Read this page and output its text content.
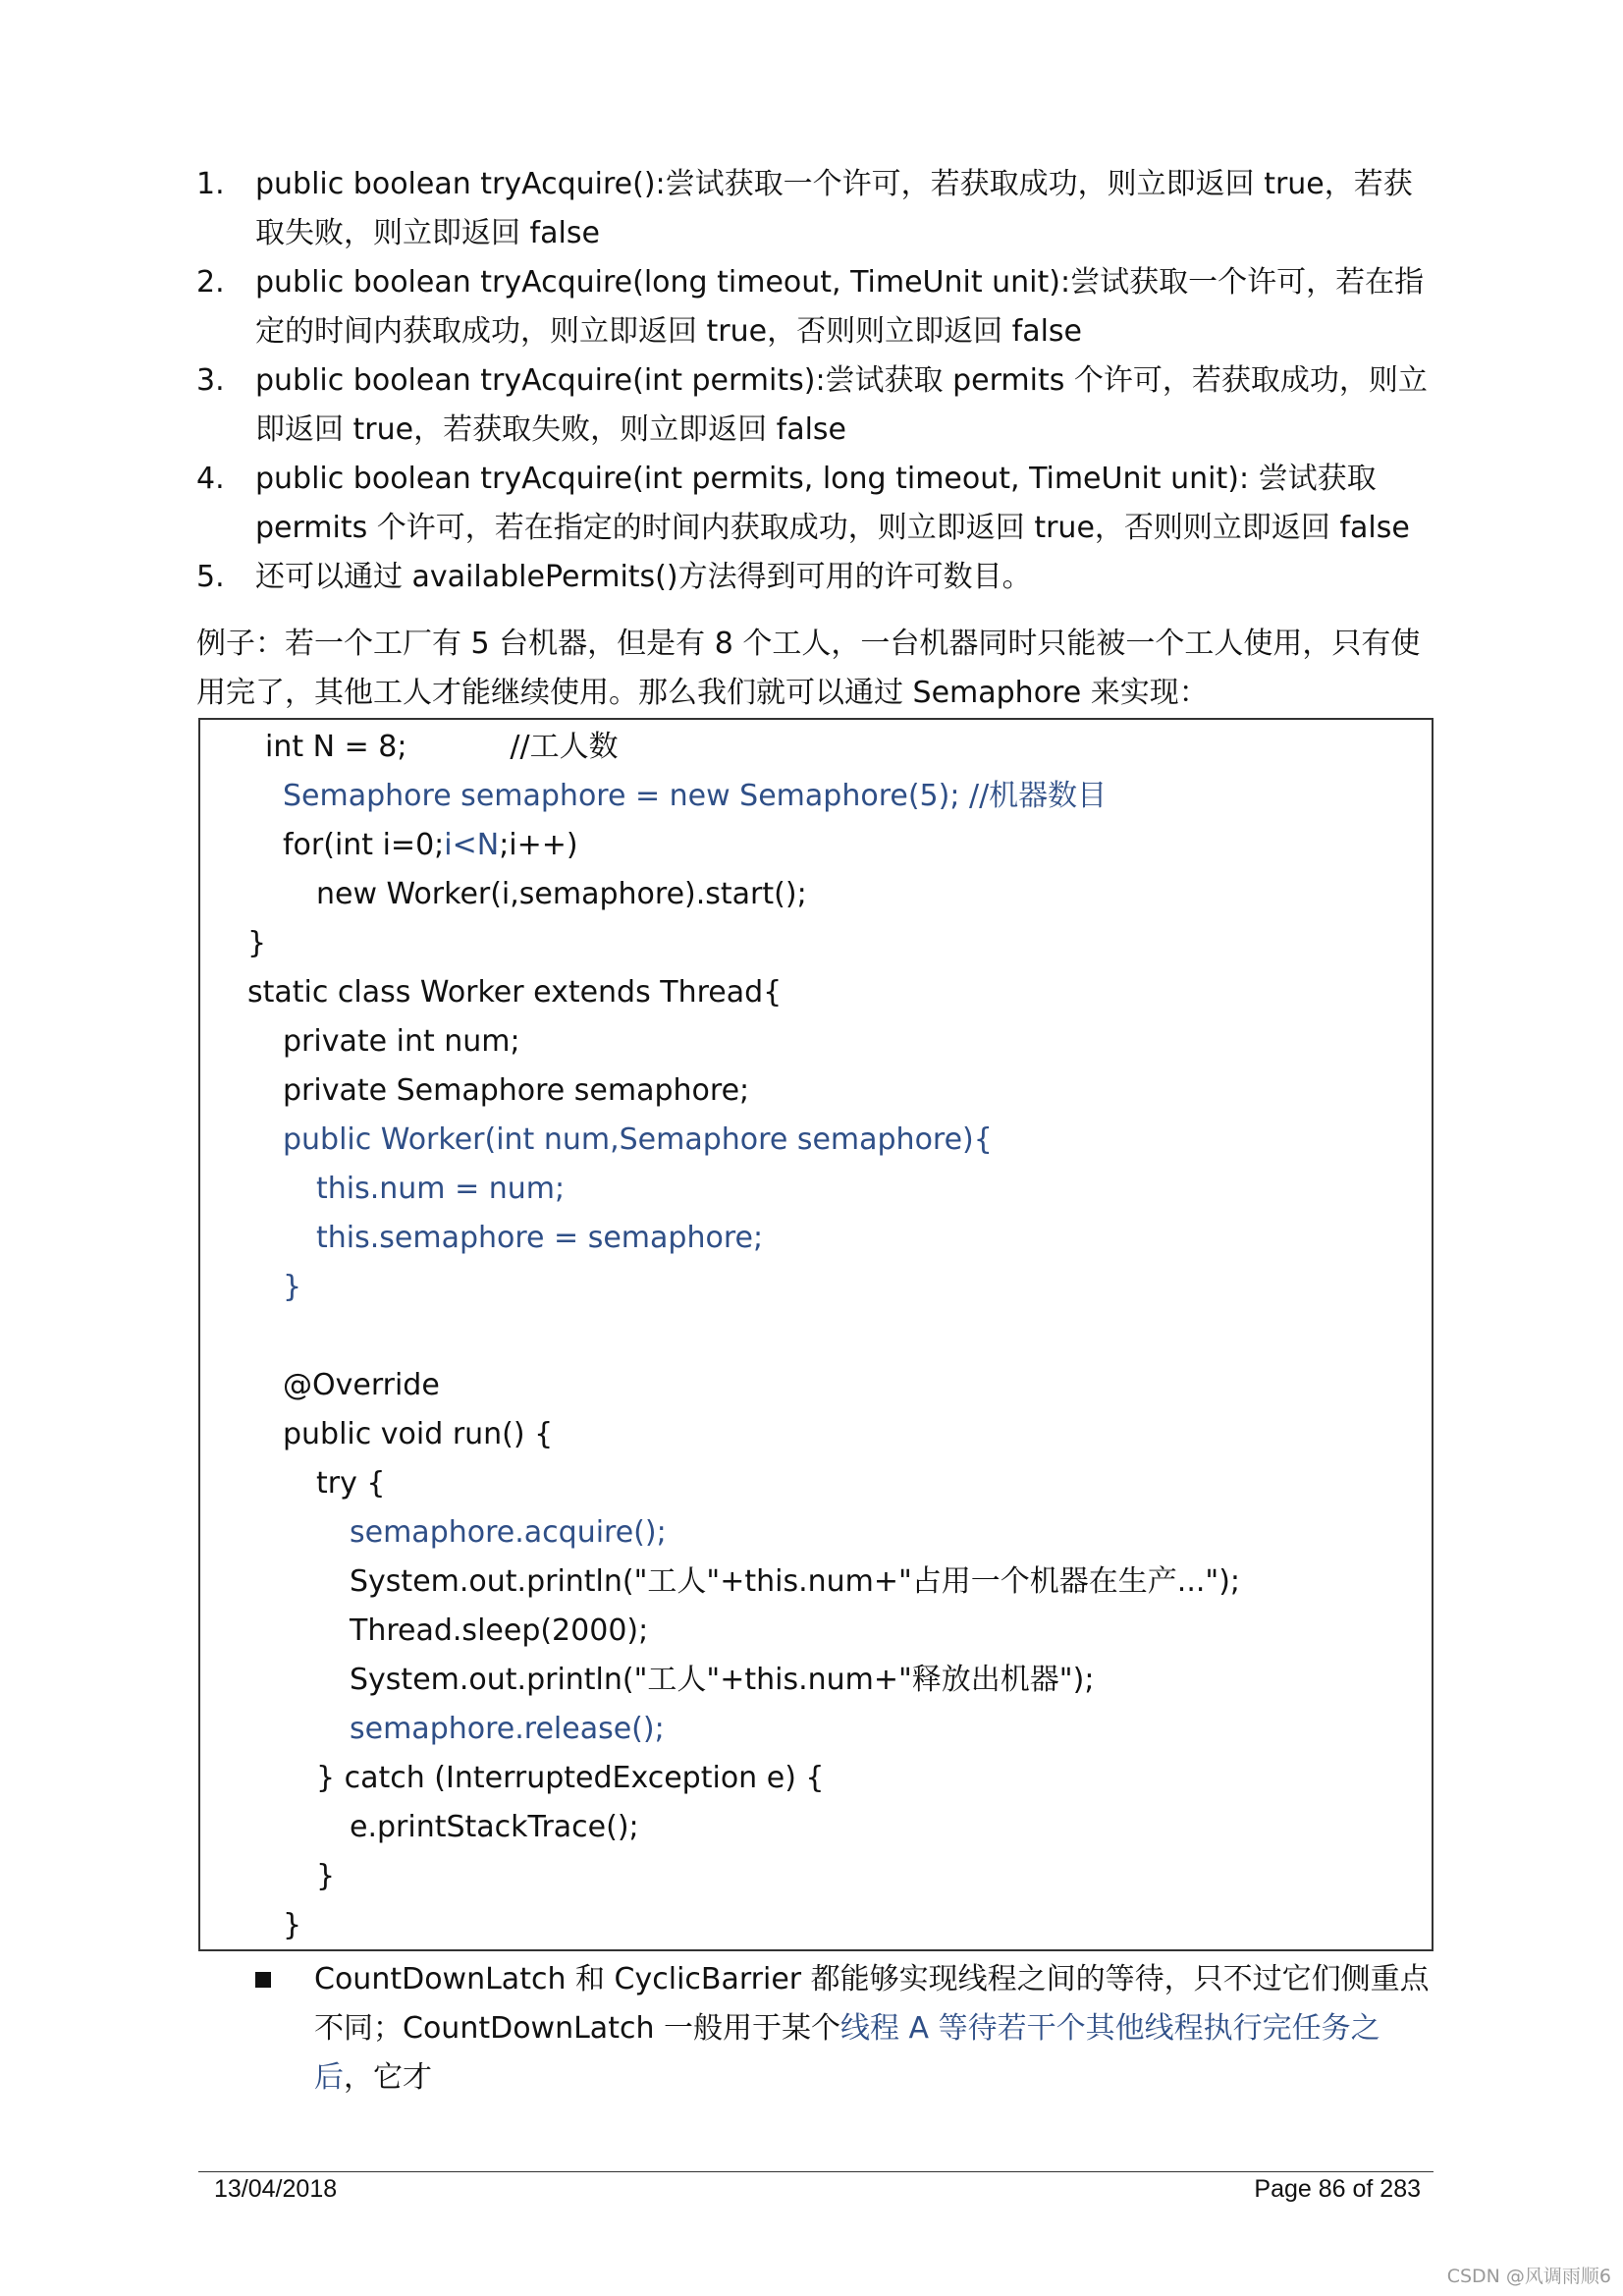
1. public boolean tryAcquire():尝试获取一个许可，若获取成功，则立即返回 true，若获取失败，则立即返回 false
2. public boolean tryAcquire(long timeout, TimeUnit unit):尝试获取一个许可，若在指定的时间内获取成功，则立即返回 true，否则则立即返回 false
3. public boolean tryAcquire(int permits):尝试获取 permits 个许可，若获取成功，则立即返回 true，若获取失败，则立即返回 false
4. public boolean tryAcquire(int permits, long timeout, TimeUnit unit): 尝试获取 permits 个许可，若在指定的时间内获取成功，则立即返回 true，否则则立即返回 false
5. 还可以通过 availablePermits()方法得到可用的许可数目。

例子：若一个工厂有 5 台机器，但是有 8 个工人，一台机器同时只能被一个工人使用，只有使用完了，其他工人才能继续使用。那么我们就可以通过 Semaphore 来实现：

int N = 8;           //工人数
Semaphore semaphore = new Semaphore(5); //机器数目
for(int i=0;i<N;i++)
new Worker(i,semaphore).start();
}
static class Worker extends Thread{
private int num;
private Semaphore semaphore;
public Worker(int num,Semaphore semaphore){
this.num = num;
this.semaphore = semaphore;
}
@Override
public void run() {
try {
semaphore.acquire();
System.out.println("工人"+this.num+"占用一个机器在生产...");
Thread.sleep(2000);
System.out.println("工人"+this.num+"释放出机器");
semaphore.release();
} catch (InterruptedException e) {
e.printStackTrace();
}
}

CountDownLatch 和 CyclicBarrier 都能够实现线程之间的等待，只不过它们侧重点不同；CountDownLatch 一般用于某个线程 A 等待若干个其他线程执行完任务之后，它才

13/04/2018	Page 86 of 283
CSDN @风调雨顺6
